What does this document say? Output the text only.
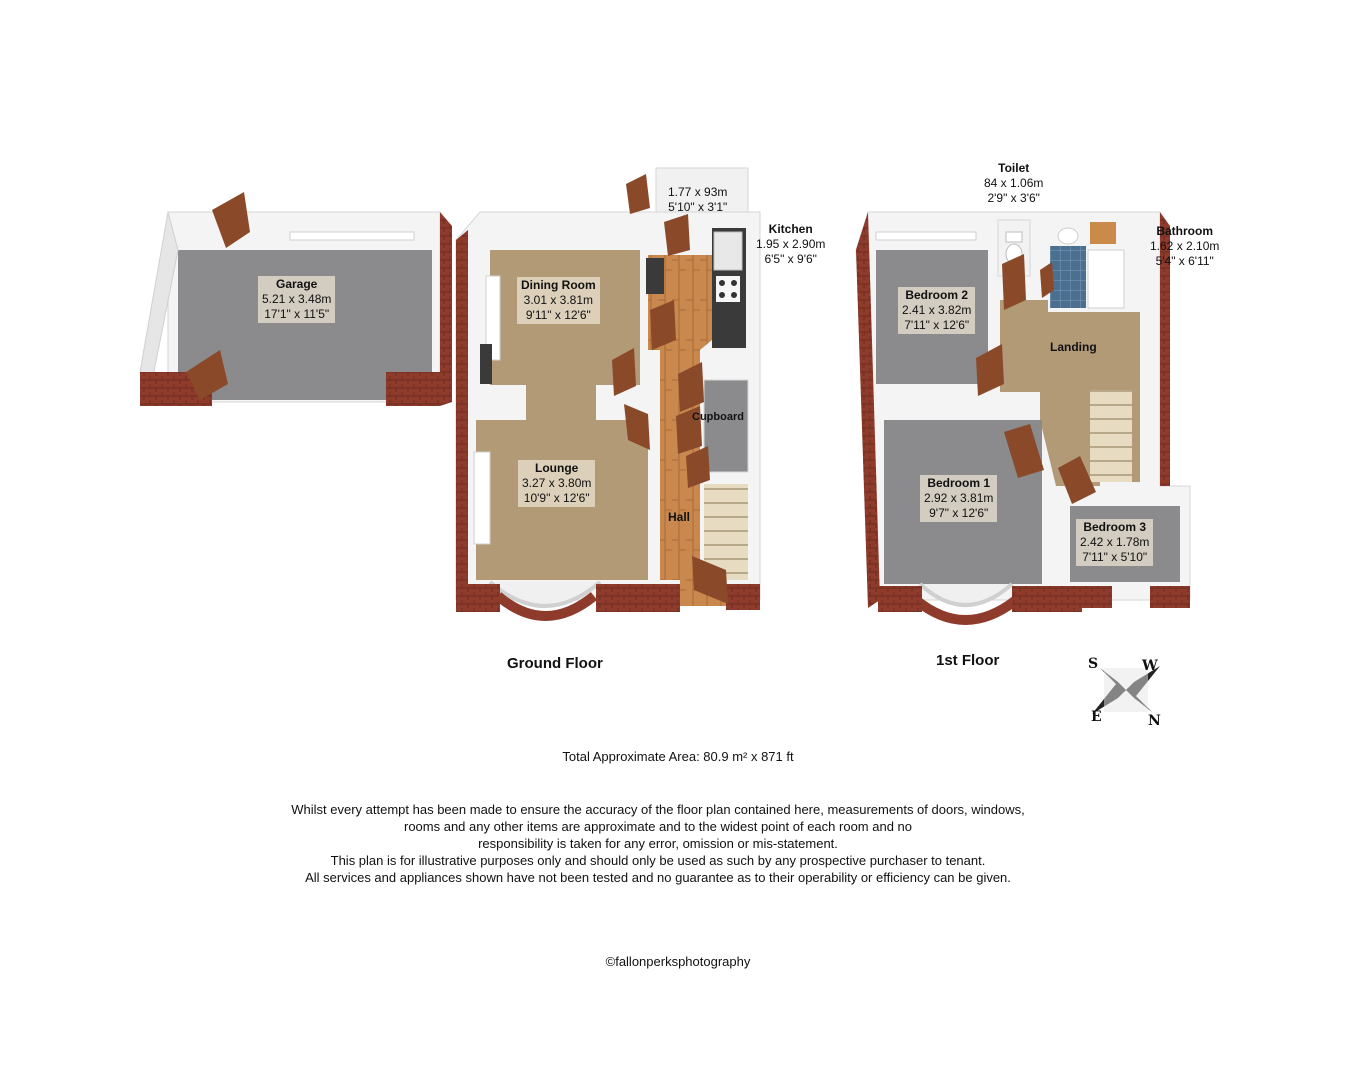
Garage
5.21 x 3.48m
17'1" x 11'5"
Dining Room
3.01 x 3.81m
9'11" x 12'6"
Lounge
3.27 x 3.80m
10'9" x 12'6"
1.77 x 93m
5'10" x 3'1"
Kitchen
1.95 x 2.90m
6'5" x 9'6"
Cupboard
Hall
Toilet
84 x 1.06m
2'9" x 3'6"
Bathroom
1.62 x 2.10m
5'4" x 6'11"
Bedroom 2
2.41 x 3.82m
7'11" x 12'6"
Landing
Bedroom 1
2.92 x 3.81m
9'7" x 12'6"
Bedroom 3
2.42 x 1.78m
7'11" x 5'10"
Ground Floor	1st Floor	S	W
E	N
Total Approximate Area: 80.9 m² x 871 ft
Whilst every attempt has been made to ensure the accuracy of the floor plan contained here, measurements of doors, windows,
rooms and any other items are approximate and to the widest point of each room and no
responsibility is taken for any error, omission or mis-statement.
This plan is for illustrative purposes only and should only be used as such by any prospective purchaser to tenant.
All services and appliances shown have not been tested and no guarantee as to their operability or efficiency can be given.
©fallonperksphotography
